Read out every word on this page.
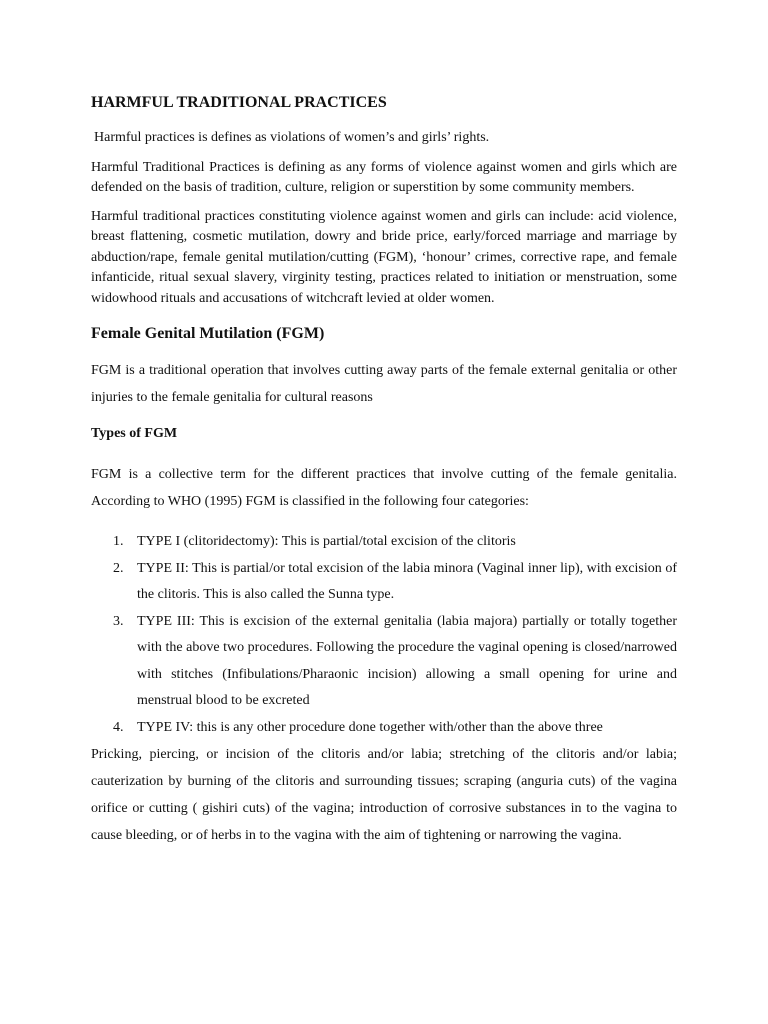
HARMFUL TRADITIONAL PRACTICES

Harmful practices is defines as violations of women’s and girls’ rights.

Harmful Traditional Practices is defining as any forms of violence against women and girls which are defended on the basis of tradition, culture, religion or superstition by some community members.

Harmful traditional practices constituting violence against women and girls can include: acid violence, breast flattening, cosmetic mutilation, dowry and bride price, early/forced marriage and marriage by abduction/rape, female genital mutilation/cutting (FGM), ‘honour’ crimes, corrective rape, and female infanticide, ritual sexual slavery, virginity testing, practices related to initiation or menstruation, some widowhood rituals and accusations of witchcraft levied at older women.

Female Genital Mutilation (FGM)

FGM is a traditional operation that involves cutting away parts of the female external genitalia or other injuries to the female genitalia for cultural reasons

Types of FGM

FGM is a collective term for the different practices that involve cutting of the female genitalia. According to WHO (1995) FGM is classified in the following four categories:

1. TYPE I (clitoridectomy): This is partial/total excision of the clitoris
2. TYPE II: This is partial/or total excision of the labia minora (Vaginal inner lip), with excision of the clitoris. This is also called the Sunna type.
3. TYPE III: This is excision of the external genitalia (labia majora) partially or totally together with the above two procedures. Following the procedure the vaginal opening is closed/narrowed with stitches (Infibulations/Pharaonic incision) allowing a small opening for urine and menstrual blood to be excreted
4. TYPE IV: this is any other procedure done together with/other than the above three

Pricking, piercing, or incision of the clitoris and/or labia; stretching of the clitoris and/or labia; cauterization by burning of the clitoris and surrounding tissues; scraping (anguria cuts) of the vagina orifice or cutting ( gishiri cuts) of the vagina; introduction of corrosive substances in to the vagina to cause bleeding, or of herbs in to the vagina with the aim of tightening or narrowing the vagina.
